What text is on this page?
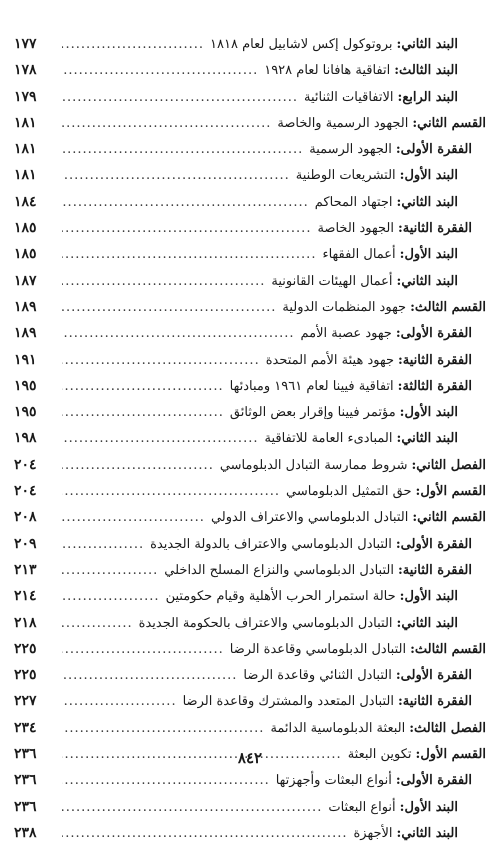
البند الثاني:
بروتوكول إكس لاشابيل لعام ١٨١٨
.....
١٧٧
البند الثالث:
اتفاقية هافانا لعام ١٩٢٨
.....
١٧٨
البند الرابع:
الاتفاقيات الثنائية
.....
١٧٩
القسم الثاني:
الجهود الرسمية والخاصة
.....
١٨١
الفقرة الأولى:
الجهود الرسمية
.....
١٨١
البند الأول:
التشريعات الوطنية
.....
١٨١
البند الثاني:
اجتهاد المحاكم
.....
١٨٤
الفقرة الثانية:
الجهود الخاصة
.....
١٨٥
البند الأول:
أعمال الفقهاء
.....
١٨٥
البند الثاني:
أعمال الهيئات القانونية
.....
١٨٧
القسم الثالث:
جهود المنظمات الدولية
.....
١٨٩
الفقرة الأولى:
جهود عصبة الأمم
.....
١٨٩
الفقرة الثانية:
جهود هيئة الأمم المتحدة
.....
١٩١
الفقرة الثالثة:
اتفاقية فيينا لعام ١٩٦١ ومبادئها
.....
١٩٥
البند الأول:
مؤتمر فيينا وإقرار بعض الوثائق
.....
١٩٥
البند الثاني:
المبادىء العامة للاتفاقية
.....
١٩٨
الفصل الثاني:
شروط ممارسة التبادل الدبلوماسي
.....
٢٠٤
القسم الأول:
حق التمثيل الدبلوماسي
.....
٢٠٤
القسم الثاني:
التبادل الدبلوماسي والاعتراف الدولي
.....
٢٠٨
الفقرة الأولى:
التبادل الدبلوماسي والاعتراف بالدولة الجديدة
.....
٢٠٩
الفقرة الثانية:
التبادل الدبلوماسي والنزاع المسلح الداخلي
.....
٢١٣
البند الأول:
حالة استمرار الحرب الأهلية وقيام حكومتين
.....
٢١٤
البند الثاني:
التبادل الدبلوماسي والاعتراف بالحكومة الجديدة
.....
٢١٨
القسم الثالث:
التبادل الدبلوماسي وقاعدة الرضا
.....
٢٢٥
الفقرة الأولى:
التبادل الثنائي وقاعدة الرضا
.....
٢٢٥
الفقرة الثانية:
التبادل المتعدد والمشترك وقاعدة الرضا
.....
٢٢٧
الفصل الثالث:
البعثة الدبلوماسية الدائمة
.....
٢٣٤
القسم الأول:
تكوين البعثة
.....
٢٣٦
الفقرة الأولى:
أنواع البعثات وأجهزتها
.....
٢٣٦
البند الأول:
أنواع البعثات
.....
٢٣٦
البند الثاني:
الأجهزة
.....
٢٣٨
٨٤٢
